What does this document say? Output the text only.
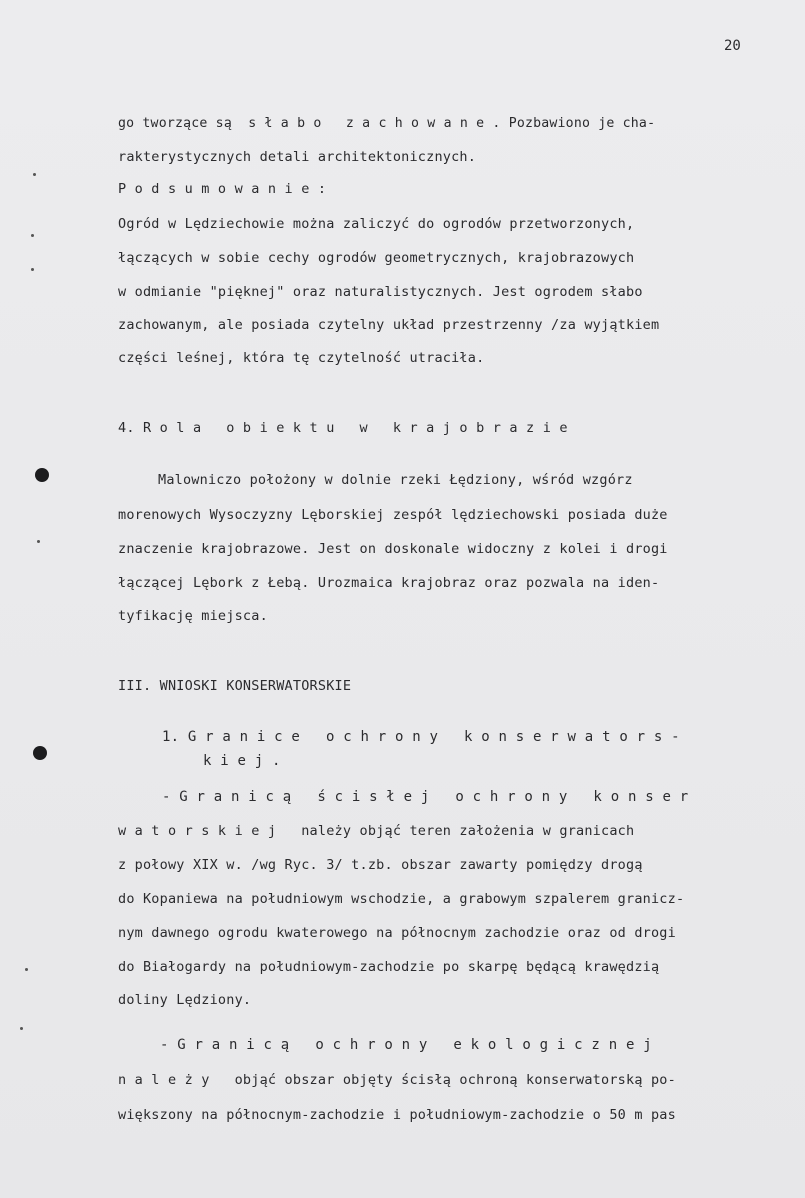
20
go tworzące są  s ł a b o   z a c h o w a n e . Pozbawiono je cha-
rakterystycznych detali architektonicznych.
P o d s u m o w a n i e :
Ogród w Lędziechowie można zaliczyć do ogrodów przetworzonych,
łączących w sobie cechy ogrodów geometrycznych, krajobrazowych
w odmianie "pięknej" oraz naturalistycznych. Jest ogrodem słabo
zachowanym, ale posiada czytelny układ przestrzenny /za wyjątkiem
części leśnej, która tę czytelność utraciła.
4. R o l a   o b i e k t u   w   k r a j o b r a z i e
Malowniczo położony w dolnie rzeki Łędziony, wśród wzgórz
morenowych Wysoczyzny Lęborskiej zespół lędziechowski posiada duże
znaczenie krajobrazowe. Jest on doskonale widoczny z kolei i drogi
łączącej Lębork z Łebą. Urozmaica krajobraz oraz pozwala na iden-
tyfikację miejsca.
III. WNIOSKI KONSERWATORSKIE
1. G r a n i c e   o c h r o n y   k o n s e r w a t o r s -
k i e j .
- G r a n i c ą   ś c i s ł e j   o c h r o n y   k o n s e r
w a t o r s k i e j   należy objąć teren założenia w granicach
z połowy XIX w. /wg Ryc. 3/ t.zb. obszar zawarty pomiędzy drogą
do Kopaniewa na południowym wschodzie, a grabowym szpalerem granicz-
nym dawnego ogrodu kwaterowego na północnym zachodzie oraz od drogi
do Białogardy na południowym-zachodzie po skarpę będącą krawędzią
doliny Lędziony.
- G r a n i c ą   o c h r o n y   e k o l o g i c z n e j
n a l e ż y   objąć obszar objęty ścisłą ochroną konserwatorską po-
większony na północnym-zachodzie i południowym-zachodzie o 50 m pas
